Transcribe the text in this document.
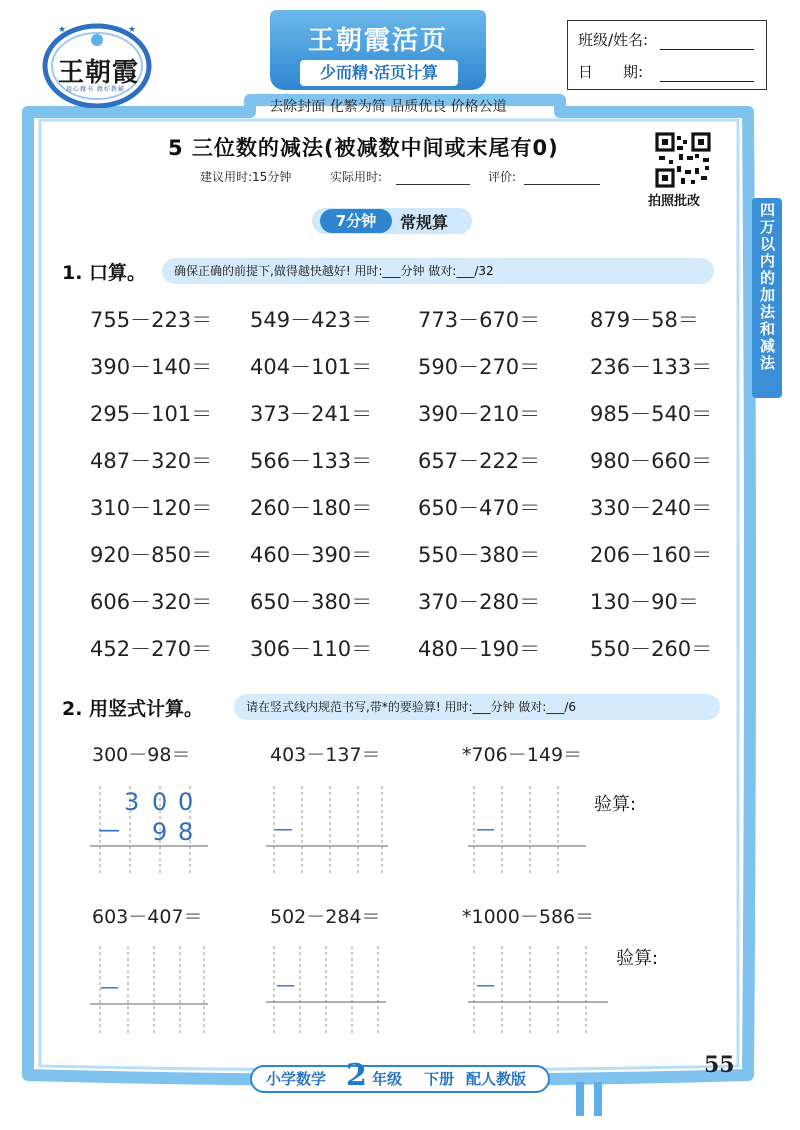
★	★
王朝霞
用心做书 做好教辅
王朝霞活页
少而精·活页计算
班级/姓名:
日　　期:
去除封面 化繁为简 品质优良 价格公道
5 三位数的减法(被减数中间或末尾有0)
建议用时:15分钟	实际用时:	评价:
拍照批改
四万以内的加法和减法
7分钟	常规算
1. 口算。	确保正确的前提下,做得越快越好! 用时:___分钟 做对:___/32
755－223＝ 549－423＝ 773－670＝ 879－58＝
390－140＝ 404－101＝ 590－270＝ 236－133＝
295－101＝ 373－241＝ 390－210＝ 985－540＝
487－320＝ 566－133＝ 657－222＝ 980－660＝
310－120＝ 260－180＝ 650－470＝ 330－240＝
920－850＝ 460－390＝ 550－380＝ 206－160＝
606－320＝ 650－380＝ 370－280＝ 130－90＝
452－270＝ 306－110＝ 480－190＝ 550－260＝
2. 用竖式计算。	请在竖式线内规范书写,带*的要验算! 用时:___分钟 做对:___/6
300－98＝	403－137＝	*706－149＝
验算:
603－407＝	502－284＝	*1000－586＝
验算:
3 0 0
— 9 8	—	—
—	—	—
小学数学 2 年级 下册 配人教版
55
